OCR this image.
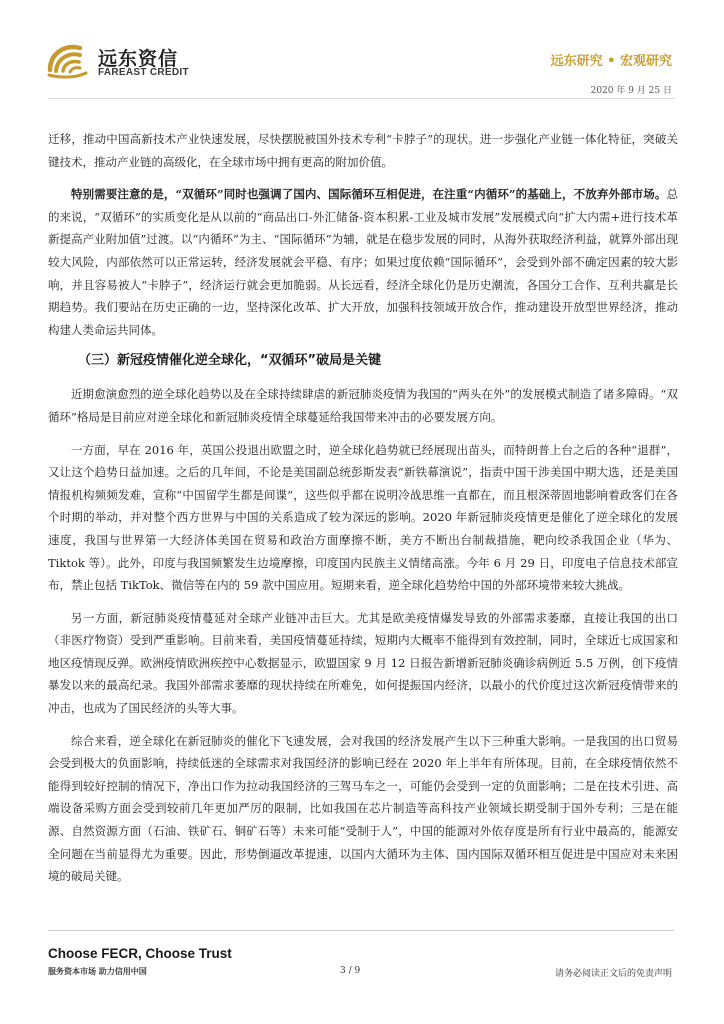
远东资信
FAREAST CREDIT
远东研究 • 宏观研究
2020 年 9 月 25 日

迁移，推动中国高新技术产业快速发展，尽快摆脱被国外技术专利“卡脖子”的现状。进一步强化产业链一体化特征，突破关键技术，推动产业链的高级化，在全球市场中拥有更高的附加价值。

特别需要注意的是，“双循环”同时也强调了国内、国际循环互相促进，在注重“内循环”的基础上，不放弃外部市场。总的来说，“双循环”的实质变化是从以前的“商品出口-外汇储备-资本积累-工业及城市发展”发展模式向“扩大内需+进行技术革新提高产业附加值”过渡。以“内循环”为主、“国际循环”为辅，就是在稳步发展的同时，从海外获取经济利益，就算外部出现较大风险，内部依然可以正常运转，经济发展就会平稳、有序；如果过度依赖“国际循环”，会受到外部不确定因素的较大影响，并且容易被人“卡脖子”，经济运行就会更加脆弱。从长远看，经济全球化仍是历史潮流，各国分工合作、互利共赢是长期趋势。我们要站在历史正确的一边，坚持深化改革、扩大开放，加强科技领域开放合作，推动建设开放型世界经济，推动构建人类命运共同体。

（三）新冠疫情催化逆全球化，“双循环”破局是关键

近期愈演愈烈的逆全球化趋势以及在全球持续肆虐的新冠肺炎疫情为我国的“两头在外”的发展模式制造了诸多障碍。“双循环”格局是目前应对逆全球化和新冠肺炎疫情全球蔓延给我国带来冲击的必要发展方向。

一方面，早在 2016 年，英国公投退出欧盟之时，逆全球化趋势就已经展现出苗头，而特朗普上台之后的各种“退群”，又让这个趋势日益加速。之后的几年间，不论是美国副总统彭斯发表“新铁幕演说”，指责中国干涉美国中期大选，还是美国情报机构频频发难，宣称“中国留学生都是间谍”，这些似乎都在说明冷战思维一直都在，而且根深蒂固地影响着政客们在各个时期的举动，并对整个西方世界与中国的关系造成了较为深远的影响。2020 年新冠肺炎疫情更是催化了逆全球化的发展速度，我国与世界第一大经济体美国在贸易和政治方面摩擦不断，美方不断出台制裁措施，靶向绞杀我国企业（华为、Tiktok 等）。此外，印度与我国频繁发生边境摩擦，印度国内民族主义情绪高涨。今年 6 月 29 日，印度电子信息技术部宣布，禁止包括 TikTok、微信等在内的 59 款中国应用。短期来看，逆全球化趋势给中国的外部环境带来较大挑战。

另一方面，新冠肺炎疫情蔓延对全球产业链冲击巨大。尤其是欧美疫情爆发导致的外部需求萎靡，直接让我国的出口（非医疗物资）受到严重影响。目前来看，美国疫情蔓延持续，短期内大概率不能得到有效控制，同时，全球近七成国家和地区疫情现反弹。欧洲疫情欧洲疾控中心数据显示，欧盟国家 9 月 12 日报告新增新冠肺炎确诊病例近 5.5 万例，创下疫情暴发以来的最高纪录。我国外部需求萎靡的现状持续在所难免，如何提振国内经济，以最小的代价度过这次新冠疫情带来的冲击，也成为了国民经济的头等大事。

综合来看，逆全球化在新冠肺炎的催化下飞速发展，会对我国的经济发展产生以下三种重大影响。一是我国的出口贸易会受到极大的负面影响，持续低迷的全球需求对我国经济的影响已经在 2020 年上半年有所体现。目前，在全球疫情依然不能得到较好控制的情况下，净出口作为拉动我国经济的三驾马车之一，可能仍会受到一定的负面影响；二是在技术引进、高端设备采购方面会受到较前几年更加严厉的限制，比如我国在芯片制造等高科技产业领域长期受制于国外专利；三是在能源、自然资源方面（石油、铁矿石、铜矿石等）未来可能“受制于人”，中国的能源对外依存度是所有行业中最高的，能源安全问题在当前显得尤为重要。因此，形势倒逼改革提速，以国内大循环为主体、国内国际双循环相互促进是中国应对未来困境的破局关键。

Choose FECR, Choose Trust
服务资本市场 助力信用中国	3 / 9	请务必阅读正文后的免责声明
